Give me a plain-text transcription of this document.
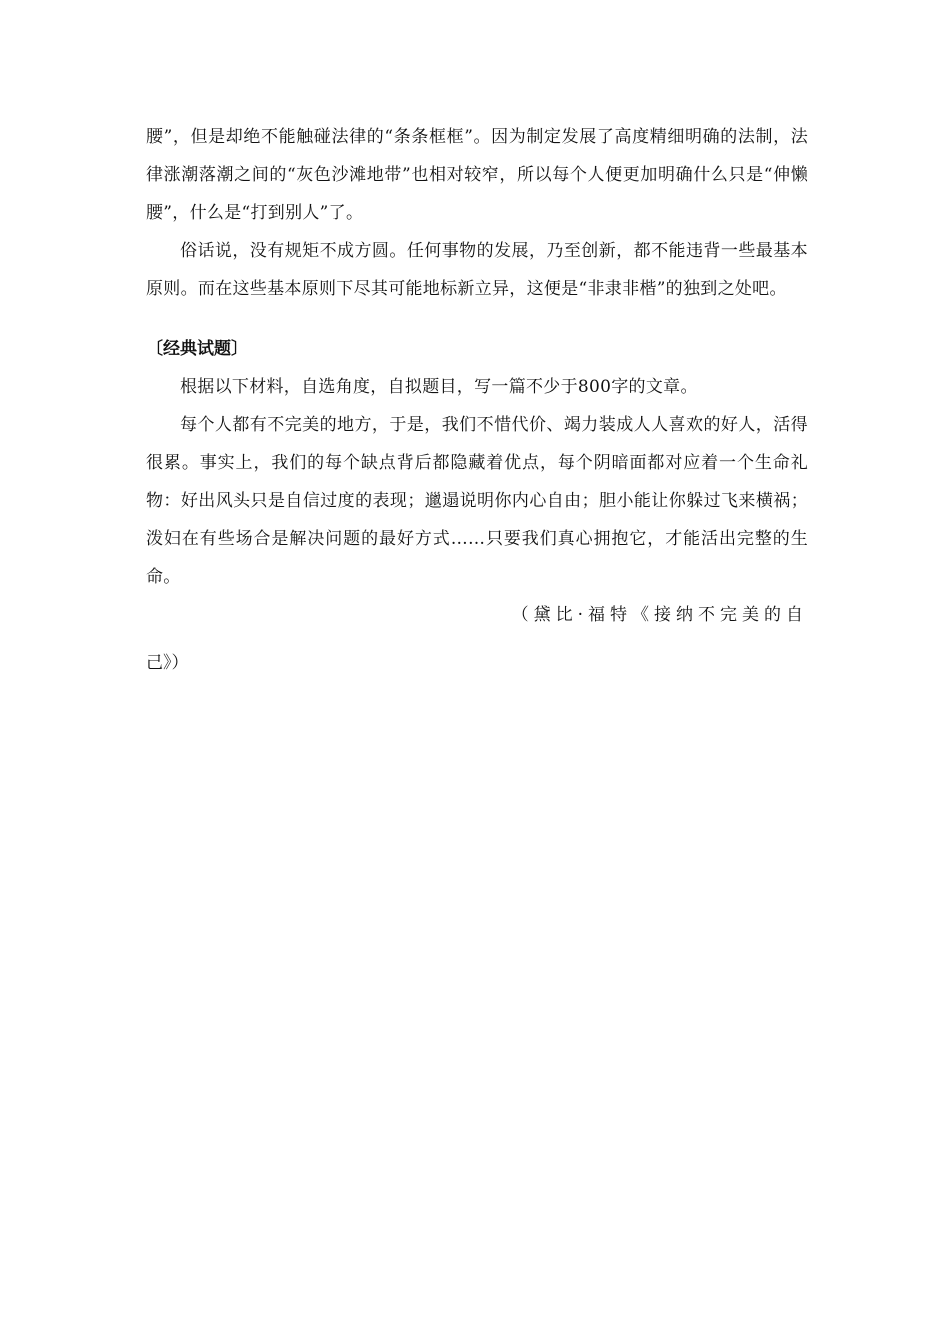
腰”，但是却绝不能触碰法律的“条条框框”。因为制定发展了高度精细明确的法制，法律涨潮落潮之间的“灰色沙滩地带”也相对较窄，所以每个人便更加明确什么只是“伸懒腰”，什么是“打到别人”了。

俗话说，没有规矩不成方圆。任何事物的发展，乃至创新，都不能违背一些最基本原则。而在这些基本原则下尽其可能地标新立异，这便是“非隶非楷”的独到之处吧。

〔经典试题〕

根据以下材料，自选角度，自拟题目，写一篇不少于800字的文章。

每个人都有不完美的地方，于是，我们不惜代价、竭力装成人人喜欢的好人，活得很累。事实上，我们的每个缺点背后都隐藏着优点，每个阴暗面都对应着一个生命礼物：好出风头只是自信过度的表现；邋遢说明你内心自由；胆小能让你躲过飞来横祸；泼妇在有些场合是解决问题的最好方式……只要我们真心拥抱它，才能活出完整的生命。

（黛比·福特《接纳不完美的自

己》）
